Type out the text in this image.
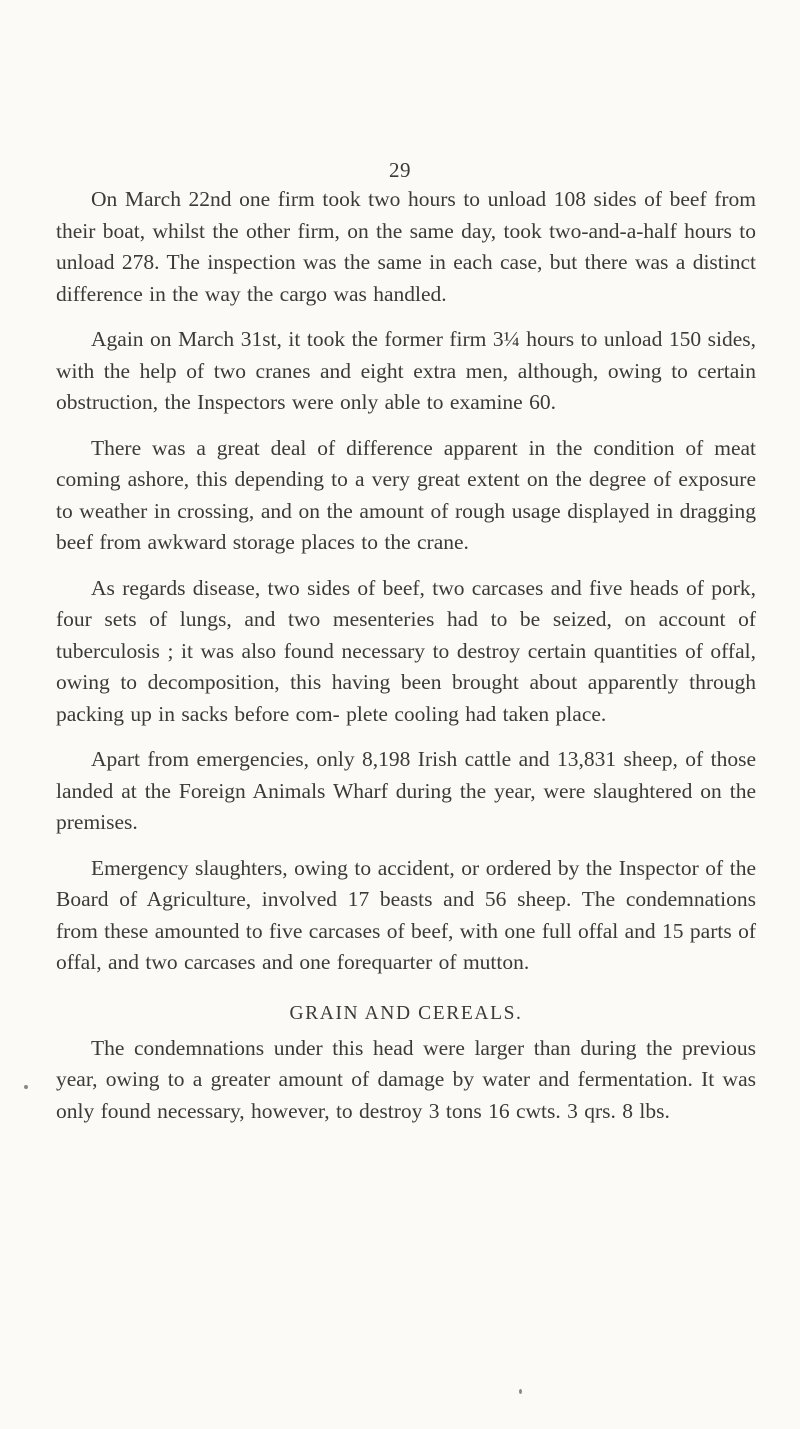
29

On March 22nd one firm took two hours to unload 108 sides of beef from their boat, whilst the other firm, on the same day, took two-and-a-half hours to unload 278. The inspection was the same in each case, but there was a distinct difference in the way the cargo was handled.

Again on March 31st, it took the former firm 3¼ hours to unload 150 sides, with the help of two cranes and eight extra men, although, owing to certain obstruction, the Inspectors were only able to examine 60.

There was a great deal of difference apparent in the condition of meat coming ashore, this depending to a very great extent on the degree of exposure to weather in crossing, and on the amount of rough usage displayed in dragging beef from awkward storage places to the crane.

As regards disease, two sides of beef, two carcases and five heads of pork, four sets of lungs, and two mesenteries had to be seized, on account of tuberculosis ; it was also found necessary to destroy certain quantities of offal, owing to decomposition, this having been brought about apparently through packing up in sacks before com- plete cooling had taken place.

Apart from emergencies, only 8,198 Irish cattle and 13,831 sheep, of those landed at the Foreign Animals Wharf during the year, were slaughtered on the premises.

Emergency slaughters, owing to accident, or ordered by the Inspector of the Board of Agriculture, involved 17 beasts and 56 sheep. The condemnations from these amounted to five carcases of beef, with one full offal and 15 parts of offal, and two carcases and one forequarter of mutton.

GRAIN AND CEREALS.

The condemnations under this head were larger than during the previous year, owing to a greater amount of damage by water and fermentation. It was only found necessary, however, to destroy 3 tons 16 cwts. 3 qrs. 8 lbs.
